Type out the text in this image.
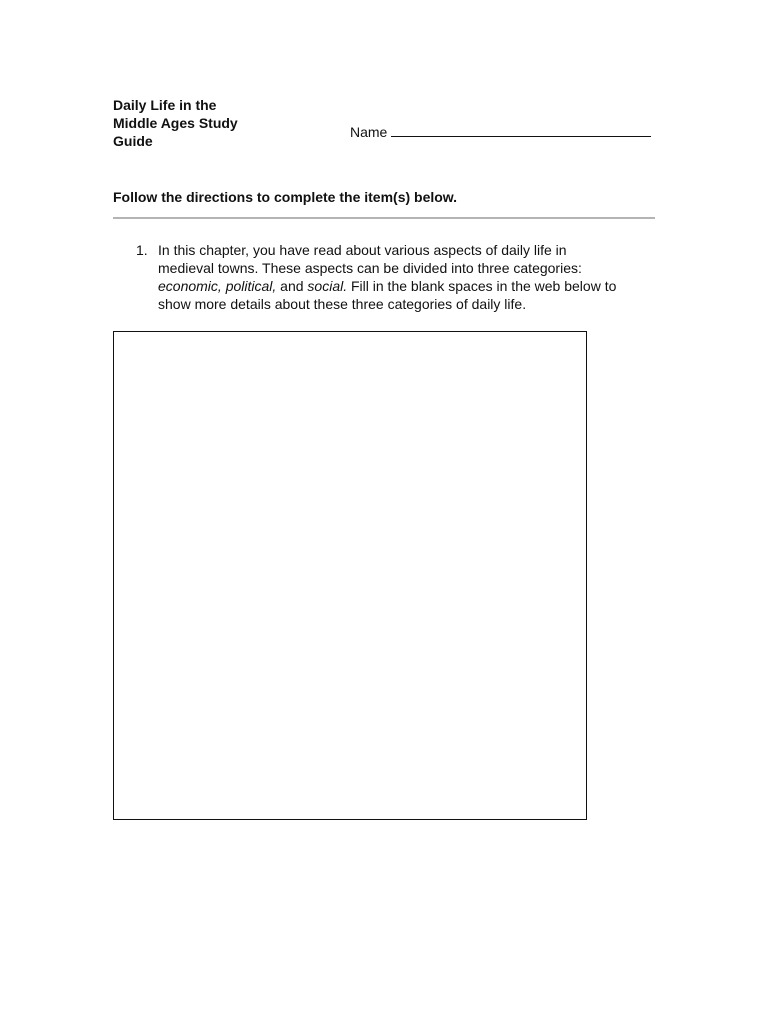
Daily Life in the
Middle Ages Study
Guide
Name
Follow the directions to complete the item(s) below.
1. In this chapter, you have read about various aspects of daily life in
medieval towns. These aspects can be divided into three categories:
economic, political, and social. Fill in the blank spaces in the web below to
show more details about these three categories of daily life.
